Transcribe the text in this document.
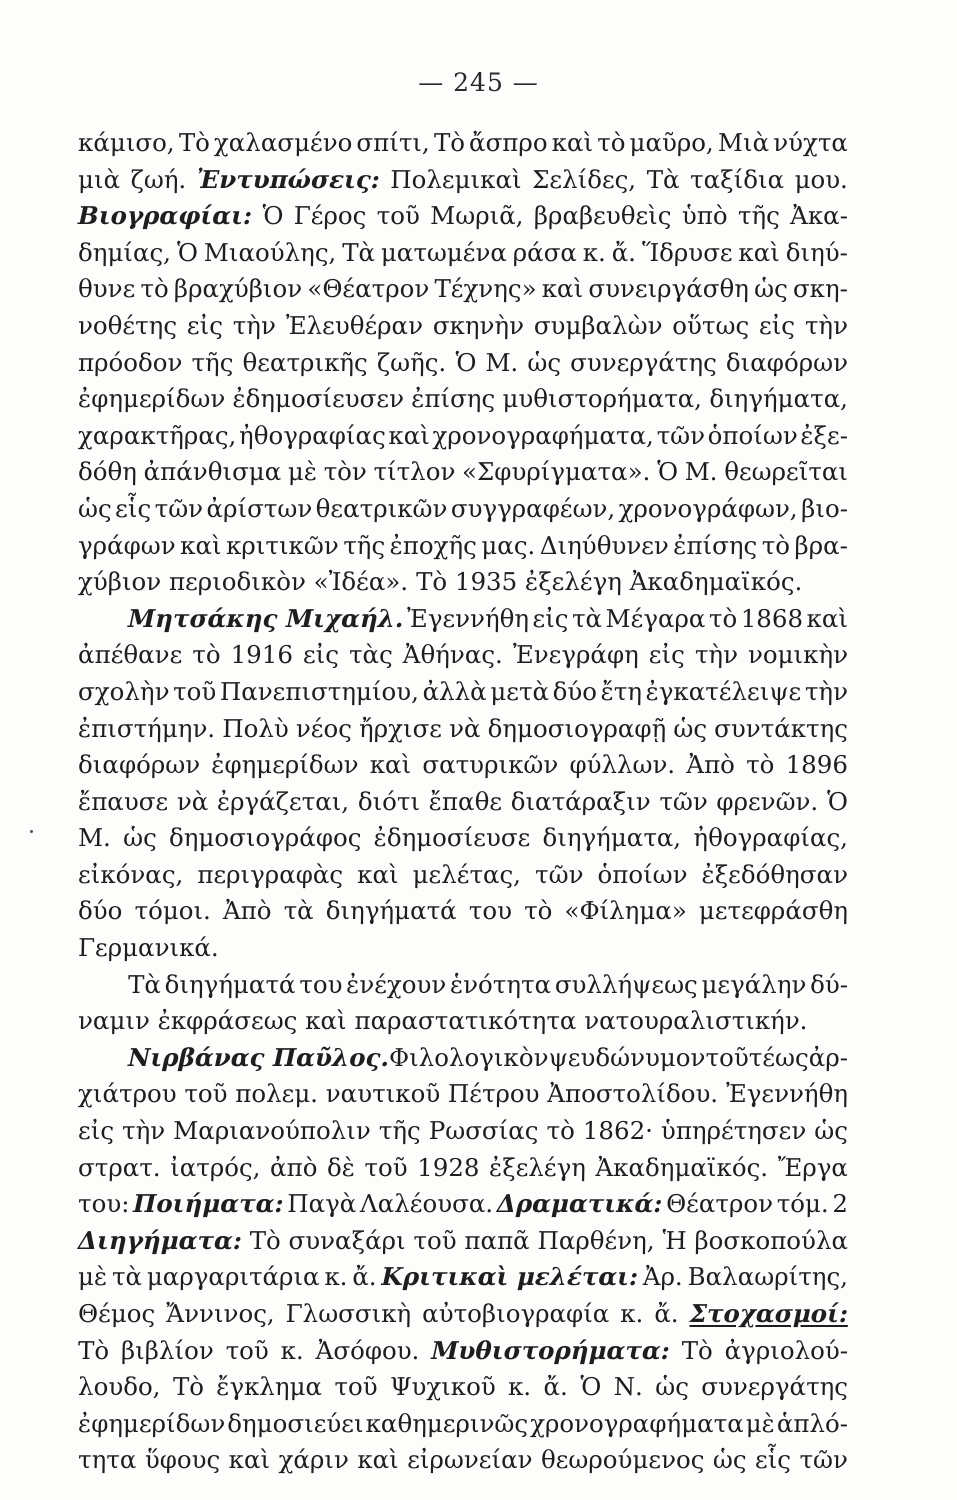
— 245 —
κάμισο, Τὸ χαλασμένο σπίτι, Τὸ ἄσπρο καὶ τὸ μαῦρο, Μιὰ νύχτα
μιὰ ζωή. Ἐντυπώσεις: Πολεμικαὶ Σελίδες, Τὰ ταξίδια μου.
Βιογραφίαι: Ὁ Γέρος τοῦ Μωριᾶ, βραβευθεὶς ὑπὸ τῆς Ἀκα-
δημίας, Ὁ Μιαούλης, Τὰ ματωμένα ράσα κ. ἄ. Ἵδρυσε καὶ διηύ-
θυνε τὸ βραχύβιον «Θέατρον Τέχνης» καὶ συνειργάσθη ὡς σκη-
νοθέτης εἰς τὴν Ἐλευθέραν σκηνὴν συμβαλὼν οὕτως εἰς τὴν
πρόοδον τῆς θεατρικῆς ζωῆς. Ὁ Μ. ὡς συνεργάτης διαφόρων
ἐφημερίδων ἐδημοσίευσεν ἐπίσης μυθιστορήματα, διηγήματα,
χαρακτῆρας, ἠθογραφίας καὶ χρονογραφήματα, τῶν ὁποίων ἐξε-
δόθη ἀπάνθισμα μὲ τὸν τίτλον «Σφυρίγματα». Ὁ Μ. θεωρεῖται
ὡς εἷς τῶν ἀρίστων θεατρικῶν συγγραφέων, χρονογράφων, βιο-
γράφων καὶ κριτικῶν τῆς ἐποχῆς μας. Διηύθυνεν ἐπίσης τὸ βρα-
χύβιον
περιοδικὸν
«Ἰδέα».
Τὸ
1935
ἐξελέγη
Ἀκαδημαϊκός.
Μητσάκης Μιχαήλ. Ἐγεννήθη εἰς τὰ Μέγαρα τὸ 1868 καὶ
ἀπέθανε τὸ 1916 εἰς τὰς Ἀθήνας. Ἐνεγράφη εἰς τὴν νομικὴν
σχολὴν τοῦ Πανεπιστημίου, ἀλλὰ μετὰ δύο ἔτη ἐγκατέλειψε τὴν
ἐπιστήμην. Πολὺ νέος ἤρχισε νὰ δημοσιογραφῇ ὡς συντάκτης
διαφόρων ἐφημερίδων καὶ σατυρικῶν φύλλων. Ἀπὸ τὸ 1896
ἔπαυσε νὰ ἐργάζεται, διότι ἔπαθε διατάραξιν τῶν φρενῶν. Ὁ
Μ. ὡς δημοσιογράφος ἐδημοσίευσε διηγήματα, ἠθογραφίας,
εἰκόνας, περιγραφὰς καὶ μελέτας, τῶν ὁποίων ἐξεδόθησαν
δύο τόμοι. Ἀπὸ τὰ διηγήματά του τὸ «Φίλημα» μετεφράσθη
Γερμανικά.
Τὰ διηγήματά του ἐνέχουν ἑνότητα συλλήψεως μεγάλην δύ-
ναμιν
ἐκφράσεως
καὶ
παραστατικότητα
νατουραλιστικήν.
Νιρβάνας Παῦλος. Φιλολογικὸν ψευδώνυμον τοῦ τέως ἀρ-
χιάτρου τοῦ πολεμ. ναυτικοῦ Πέτρου Ἀποστολίδου. Ἐγεννήθη
εἰς τὴν Μαριανούπολιν τῆς Ρωσσίας τὸ 1862· ὑπηρέτησεν ὡς
στρατ. ἰατρός, ἀπὸ δὲ τοῦ 1928 ἐξελέγη Ἀκαδημαϊκός. Ἔργα
του: Ποιήματα: Παγὰ Λαλέουσα. Δραματικά: Θέατρον τόμ. 2
Διηγήματα: Τὸ συναξάρι τοῦ παπᾶ Παρθένη, Ἡ βοσκοπούλα
μὲ τὰ μαργαριτάρια κ. ἄ. Κριτικαὶ μελέται: Ἀρ. Βαλαωρίτης,
Θέμος Ἄννινος, Γλωσσικὴ αὐτοβιογραφία κ. ἄ. Στοχασμοί:
Τὸ βιβλίον τοῦ κ. Ἀσόφου. Μυθιστορήματα: Τὸ ἀγριολού-
λουδο, Τὸ ἔγκλημα τοῦ Ψυχικοῦ κ. ἄ. Ὁ Ν. ὡς συνεργάτης
ἐφημερίδων δημοσιεύει καθημερινῶς χρονογραφήματα μὲ ἁπλό-
τητα ὕφους καὶ χάριν καὶ εἰρωνείαν θεωρούμενος ὡς εἷς τῶν
